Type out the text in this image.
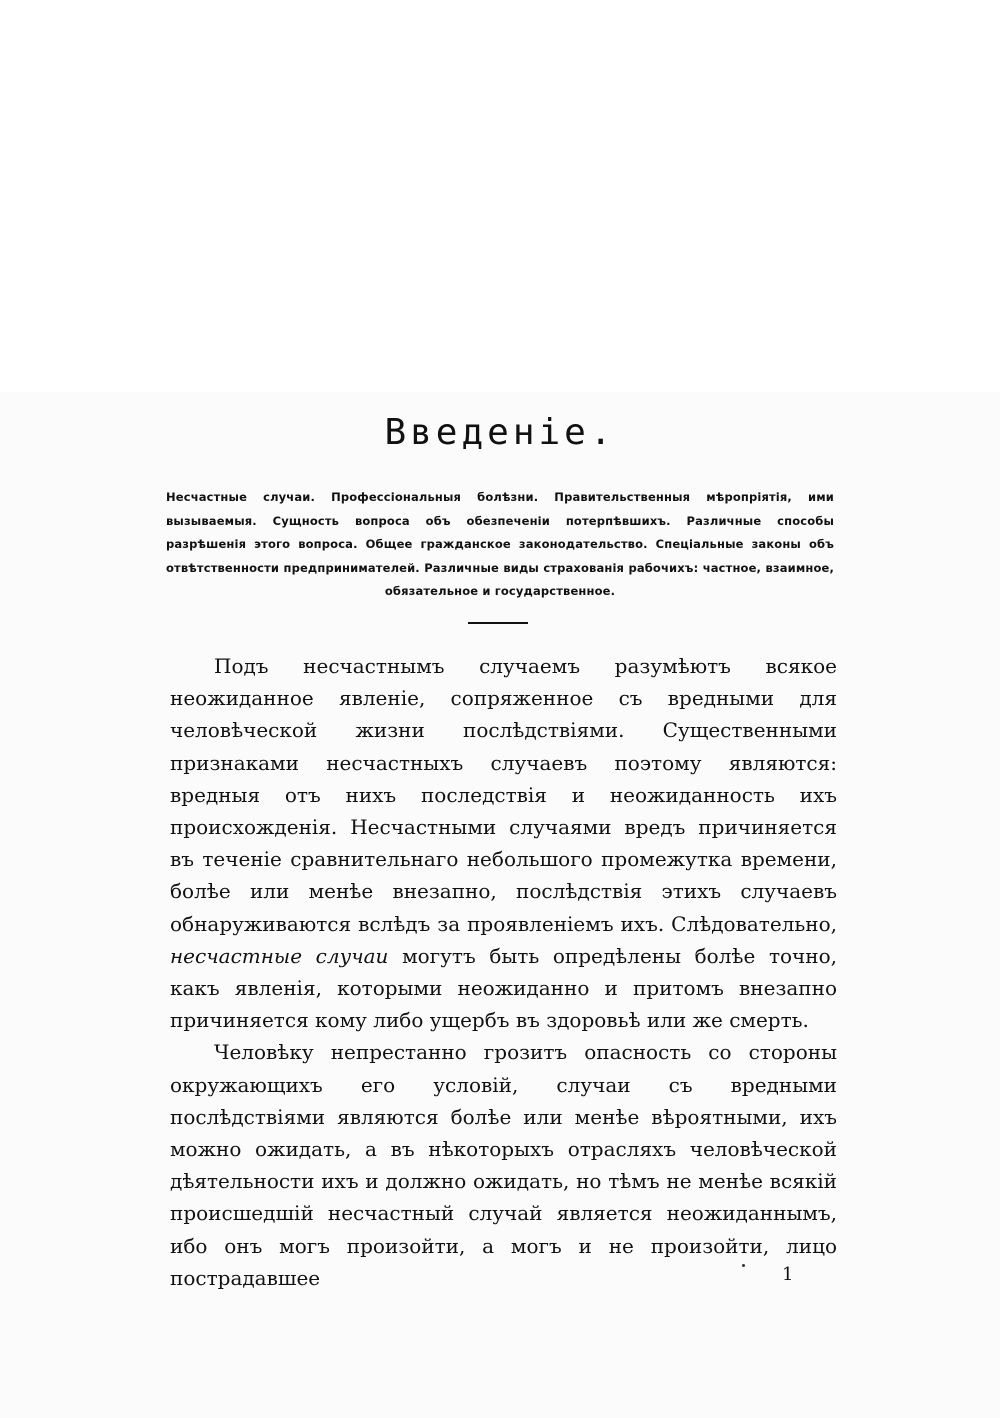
Введеніе.

Несчастные случаи. Профессіональныя болѣзни. Правительственныя мѣропріятія, ими вызываемыя. Сущность вопроса объ обезпеченіи потерпѣвшихъ. Различные способы разрѣшенія этого вопроса. Общее гражданское законодательство. Спеціальные законы объ отвѣтственности предпринимателей. Различные виды страхованія рабочихъ: частное, взаимное, обязательное и государственное.

Подъ несчастнымъ случаемъ разумѣютъ всякое неожиданное явленіе, сопряженное съ вредными для человѣческой жизни послѣдствіями. Существенными признаками несчастныхъ случаевъ поэтому являются: вредныя отъ нихъ последствія и неожиданность ихъ происхожденія. Несчастными случаями вредъ причиняется въ теченіе сравнительнаго небольшого промежутка времени, болѣе или менѣе внезапно, послѣдствія этихъ случаевъ обнаруживаются вслѣдъ за проявленіемъ ихъ. Слѣдовательно, несчастные случаи могутъ быть опредѣлены болѣе точно, какъ явленія, которыми неожиданно и притомъ внезапно причиняется кому либо ущербъ въ здоровьѣ или же смерть.

Человѣку непрестанно грозитъ опасность со стороны окружающихъ его условій, случаи съ вредными послѣдствіями являются болѣе или менѣе вѣроятными, ихъ можно ожидать, а въ нѣкоторыхъ отрасляхъ человѣческой дѣятельности ихъ и должно ожидать, но тѣмъ не менѣе всякій происшедшій несчастный случай является неожиданнымъ, ибо онъ могъ произойти, а могъ и не произойти, лицо пострадавшее	1
